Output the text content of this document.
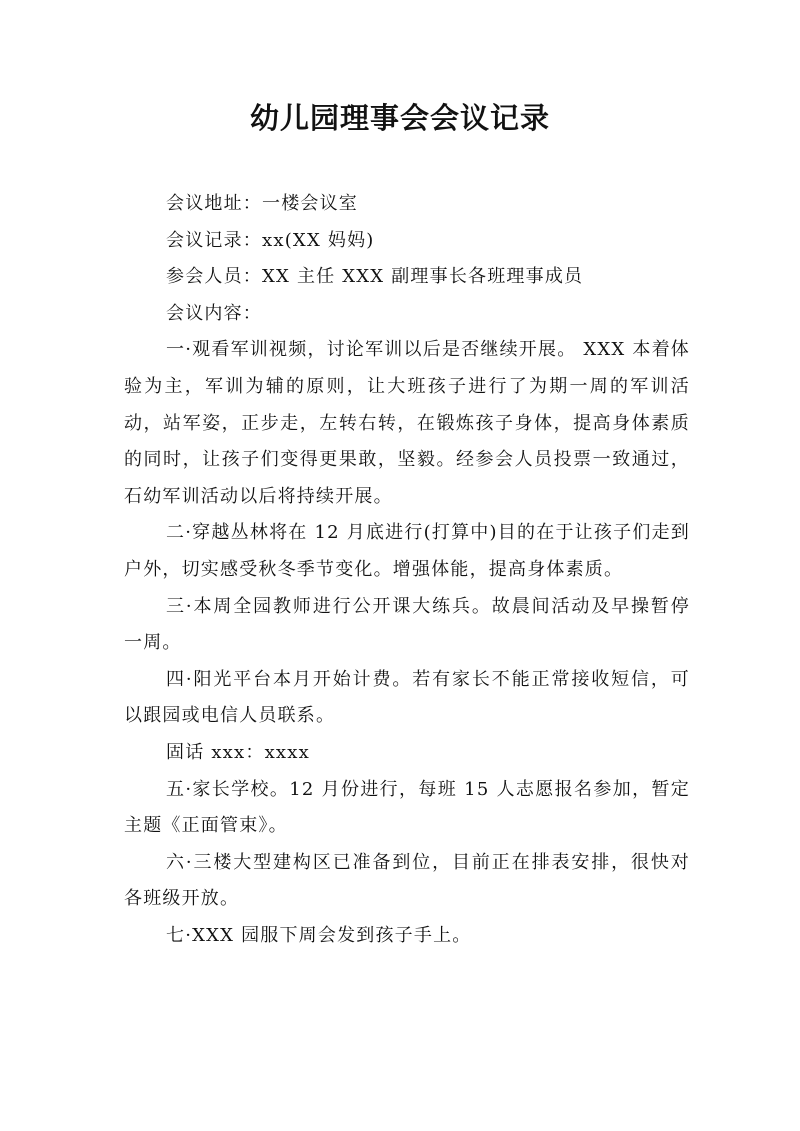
幼儿园理事会会议记录

会议地址：一楼会议室

会议记录：xx(XX 妈妈)

参会人员：XX 主任 XXX 副理事长各班理事成员

会议内容：

一·观看军训视频，讨论军训以后是否继续开展。 XXX 本着体验为主，军训为辅的原则，让大班孩子进行了为期一周的军训活动，站军姿，正步走，左转右转，在锻炼孩子身体，提高身体素质的同时，让孩子们变得更果敢，坚毅。经参会人员投票一致通过，石幼军训活动以后将持续开展。

二·穿越丛林将在 12 月底进行(打算中)目的在于让孩子们走到户外，切实感受秋冬季节变化。增强体能，提高身体素质。

三·本周全园教师进行公开课大练兵。故晨间活动及早操暂停一周。

四·阳光平台本月开始计费。若有家长不能正常接收短信，可以跟园或电信人员联系。

固话 xxx：xxxx

五·家长学校。12 月份进行，每班 15 人志愿报名参加，暂定主题《正面管束》。

六·三楼大型建构区已准备到位，目前正在排表安排，很快对各班级开放。

七·XXX 园服下周会发到孩子手上。
